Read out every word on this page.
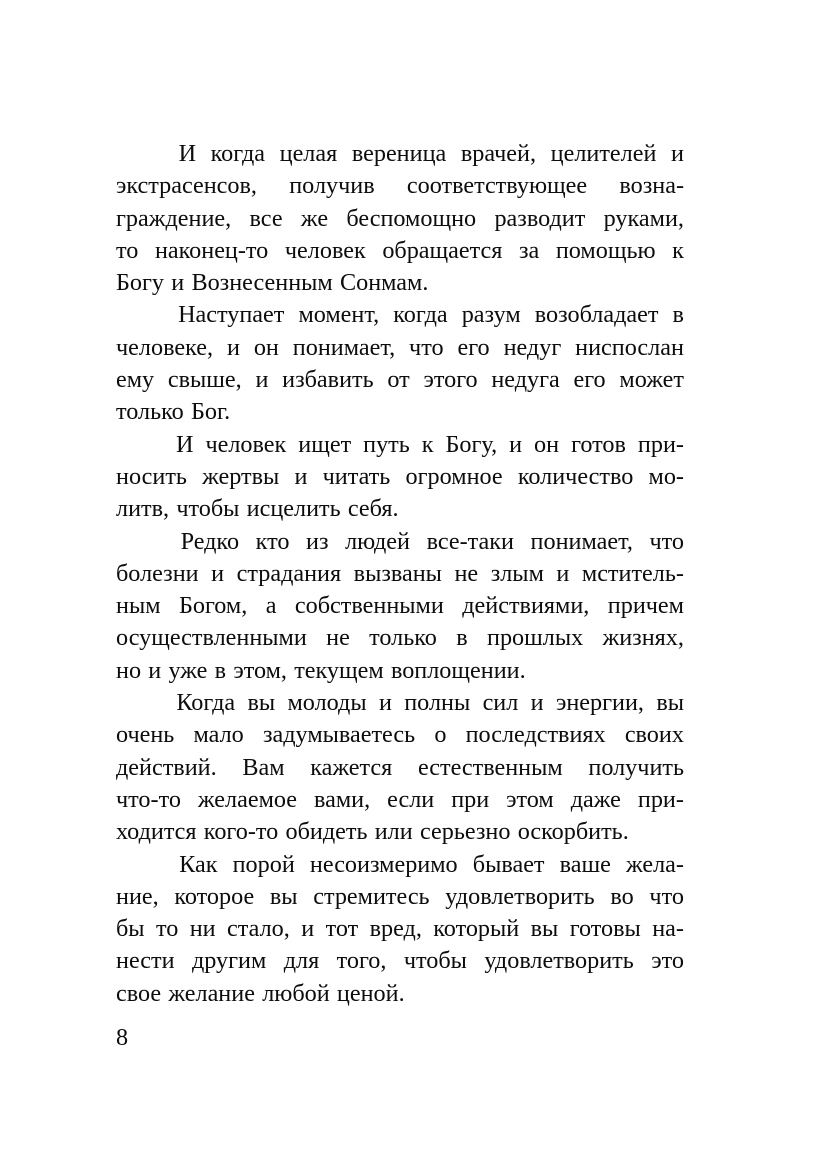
И когда целая вереница врачей, целителей и
экстрасенсов, получив соответствующее возна-
граждение, все же беспомощно разводит руками,
то наконец-то человек обращается за помощью к
Богу и Вознесенным Сонмам.

Наступает момент, когда разум возобладает в
человеке, и он понимает, что его недуг ниспослан
ему свыше, и избавить от этого недуга его может
только Бог.

И человек ищет путь к Богу, и он готов при-
носить жертвы и читать огромное количество мо-
литв, чтобы исцелить себя.

Редко кто из людей все-таки понимает, что
болезни и страдания вызваны не злым и мститель-
ным Богом, а собственными действиями, причем
осуществленными не только в прошлых жизнях,
но и уже в этом, текущем воплощении.

Когда вы молоды и полны сил и энергии, вы
очень мало задумываетесь о последствиях своих
действий. Вам кажется естественным получить
что-то желаемое вами, если при этом даже при-
ходится кого-то обидеть или серьезно оскорбить.

Как порой несоизмеримо бывает ваше жела-
ние, которое вы стремитесь удовлетворить во что
бы то ни стало, и тот вред, который вы готовы на-
нести другим для того, чтобы удовлетворить это
свое желание любой ценой.

8
